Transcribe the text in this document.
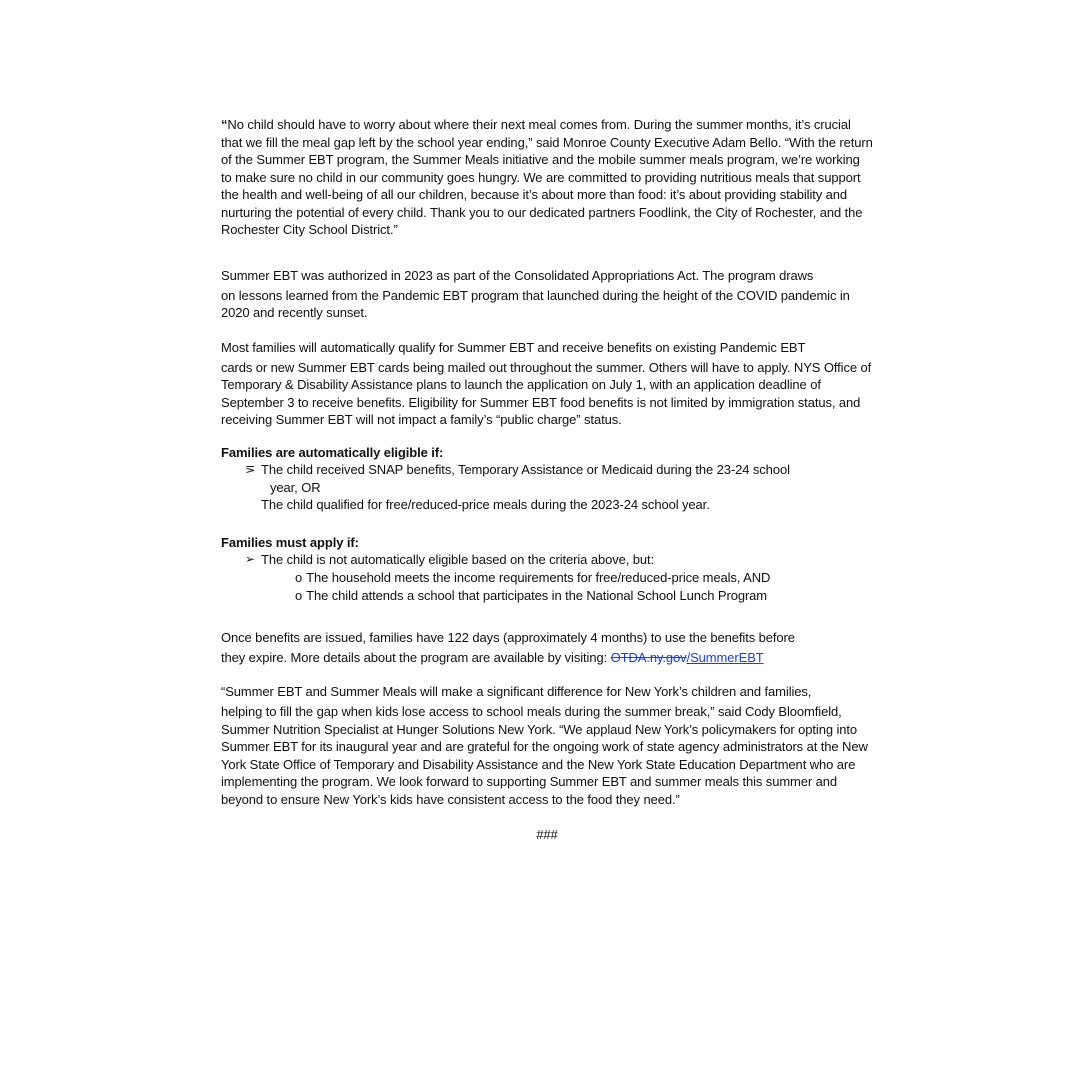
“No child should have to worry about where their next meal comes from. During the summer months, it’s crucial that we fill the meal gap left by the school year ending,” said Monroe County Executive Adam Bello. “With the return of the Summer EBT program, the Summer Meals initiative and the mobile summer meals program, we’re working to make sure no child in our community goes hungry. We are committed to providing nutritious meals that support the health and well-being of all our children, because it’s about more than food: it’s about providing stability and nurturing the potential of every child. Thank you to our dedicated partners Foodlink, the City of Rochester, and the Rochester City School District.”

Summer EBT was authorized in 2023 as part of the Consolidated Appropriations Act. The program draws
on lessons learned from the Pandemic EBT program that launched during the height of the COVID pandemic in 2020 and recently sunset.

Most families will automatically qualify for Summer EBT and receive benefits on existing Pandemic EBT
cards or new Summer EBT cards being mailed out throughout the summer. Others will have to apply. NYS Office of Temporary & Disability Assistance plans to launch the application on July 1, with an application deadline of September 3 to receive benefits. Eligibility for Summer EBT food benefits is not limited by immigration status, and receiving Summer EBT will not impact a family’s “public charge” status.

Families are automatically eligible if:

⋝ The child received SNAP benefits, Temporary Assistance or Medicaid during the 23-24 school
year, OR

The child qualified for free/reduced-price meals during the 2023-24 school year.

Families must apply if:

➢ The child is not automatically eligible based on the criteria above, but:
o The household meets the income requirements for free/reduced-price meals, AND
o The child attends a school that participates in the National School Lunch Program

Once benefits are issued, families have 122 days (approximately 4 months) to use the benefits before
they expire. More details about the program are available by visiting: OTDA.ny.gov/SummerEBT

“Summer EBT and Summer Meals will make a significant difference for New York’s children and families,
helping to fill the gap when kids lose access to school meals during the summer break,” said Cody Bloomfield, Summer Nutrition Specialist at Hunger Solutions New York. “We applaud New York’s policymakers for opting into Summer EBT for its inaugural year and are grateful for the ongoing work of state agency administrators at the New York State Office of Temporary and Disability Assistance and the New York State Education Department who are implementing the program. We look forward to supporting Summer EBT and summer meals this summer and beyond to ensure New York’s kids have consistent access to the food they need.”

###
